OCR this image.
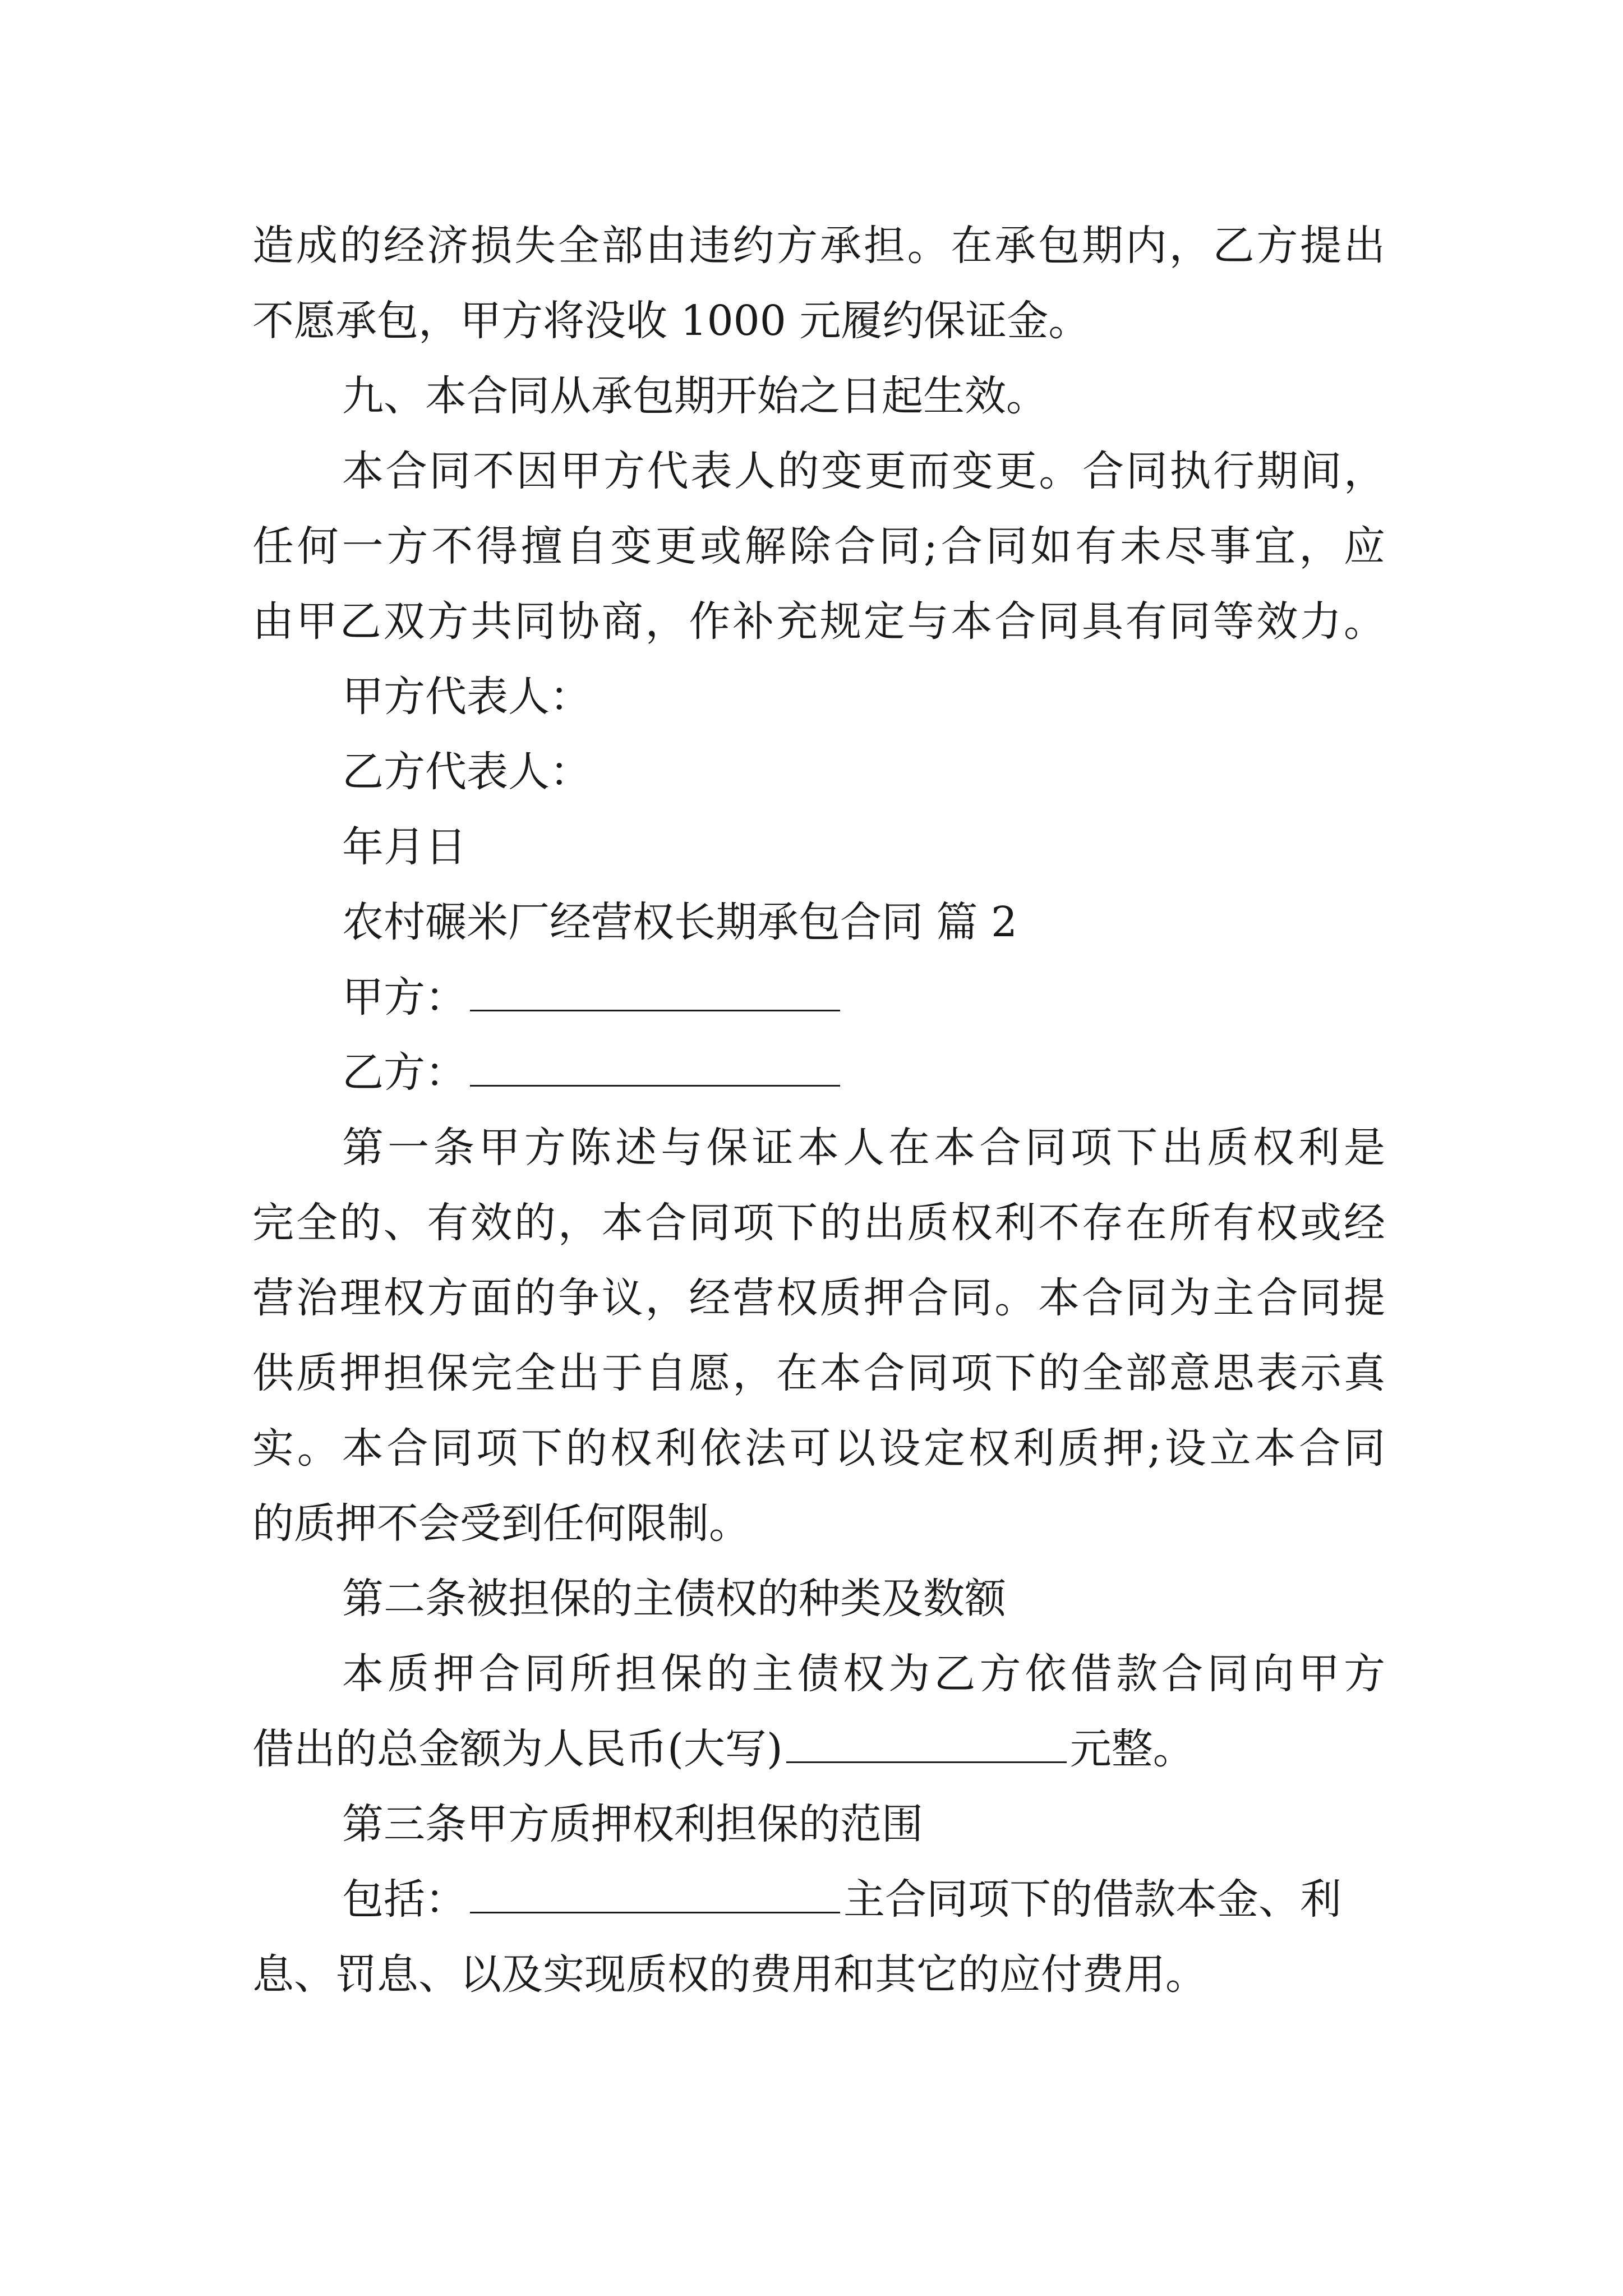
造成的经济损失全部由违约方承担。在承包期内，乙方提出
不愿承包，甲方将没收 1000 元履约保证金。
九、本合同从承包期开始之日起生效。
本合同不因甲方代表人的变更而变更。合同执行期间，
任何一方不得擅自变更或解除合同;合同如有未尽事宜，应
由甲乙双方共同协商，作补充规定与本合同具有同等效力。
甲方代表人：
乙方代表人：
年月日
农村碾米厂经营权长期承包合同 篇 2
甲方：
乙方：
第一条甲方陈述与保证本人在本合同项下出质权利是
完全的、有效的，本合同项下的出质权利不存在所有权或经
营治理权方面的争议，经营权质押合同。本合同为主合同提
供质押担保完全出于自愿，在本合同项下的全部意思表示真
实。本合同项下的权利依法可以设定权利质押;设立本合同
的质押不会受到任何限制。
第二条被担保的主债权的种类及数额
本质押合同所担保的主债权为乙方依借款合同向甲方
借出的总金额为人民币(大写)	元整。
第三条甲方质押权利担保的范围
包括：	主合同项下的借款本金、利
息、罚息、以及实现质权的费用和其它的应付费用。
